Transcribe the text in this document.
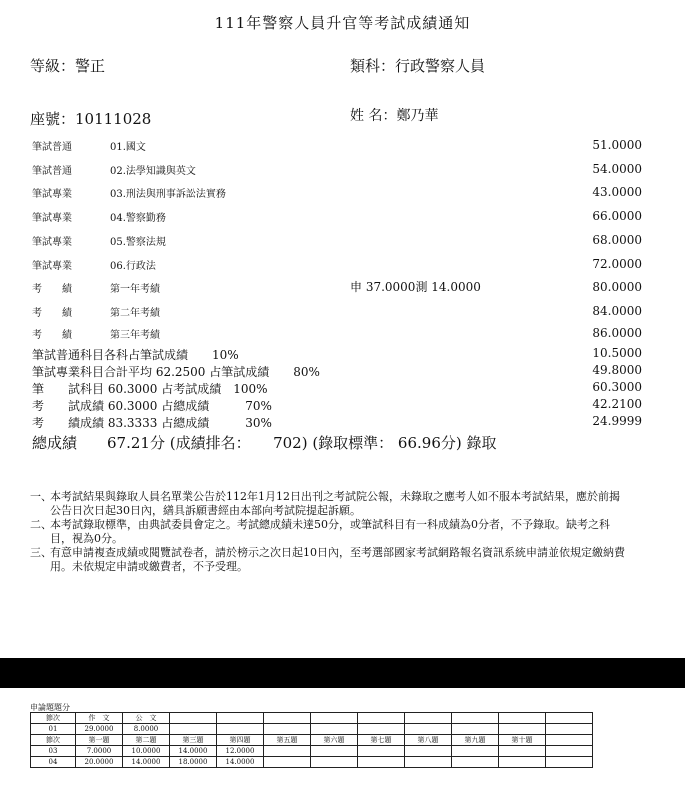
111年警察人員升官等考試成績通知
等級：警正	類科：行政警察人員
座號：10111028	姓 名：鄭乃華
申 37.0000測 14.0000
筆試普通	01.國文	51.0000
筆試普通	02.法學知識與英文	54.0000
筆試專業	03.刑法與刑事訴訟法實務	43.0000
筆試專業	04.警察勤務	66.0000
筆試專業	05.警察法規	68.0000
筆試專業	06.行政法	72.0000
考　　績	第一年考績	80.0000
考　　績	第二年考績	84.0000
考　　績	第三年考績	86.0000
筆試普通科目各科占筆試成績　　10%	10.5000
筆試專業科目合計平均 62.2500 占筆試成績　　80%	49.8000
筆　　試科目 60.3000 占考試成績　100%	60.3000
考　　試成績 60.3000 占總成績　　　70%	42.2100
考　　績成績 83.3333 占總成績　　　30%	24.9999
總成績　　67.21分 (成績排名：　　702) (錄取標準： 66.96分) 錄取
一、
本考試結果與錄取人員名單業公告於112年1月12日出刊之考試院公報，未錄取之應考人如不服本考試結果，應於前揭公告日次日起30日內，繕具訴願書經由本部向考試院提起訴願。
二、
本考試錄取標準，由典試委員會定之。考試總成績未達50分，或筆試科目有一科成績為0分者，不予錄取。缺考之科目，視為0分。
三、
有意申請複查成績或閱覽試卷者，請於榜示之次日起10日內，至考選部國家考試網路報名資訊系統申請並依規定繳納費用。未依規定申請或繳費者，不予受理。
申論題題分
節次	作　文	公　文									
01	29.0000	8.0000									
節次	第一題	第二題	第三題	第四題	第五題	第六題	第七題	第八題	第九題	第十題	
03	7.0000	10.0000	14.0000	12.0000							
04	20.0000	14.0000	18.0000	14.0000							
